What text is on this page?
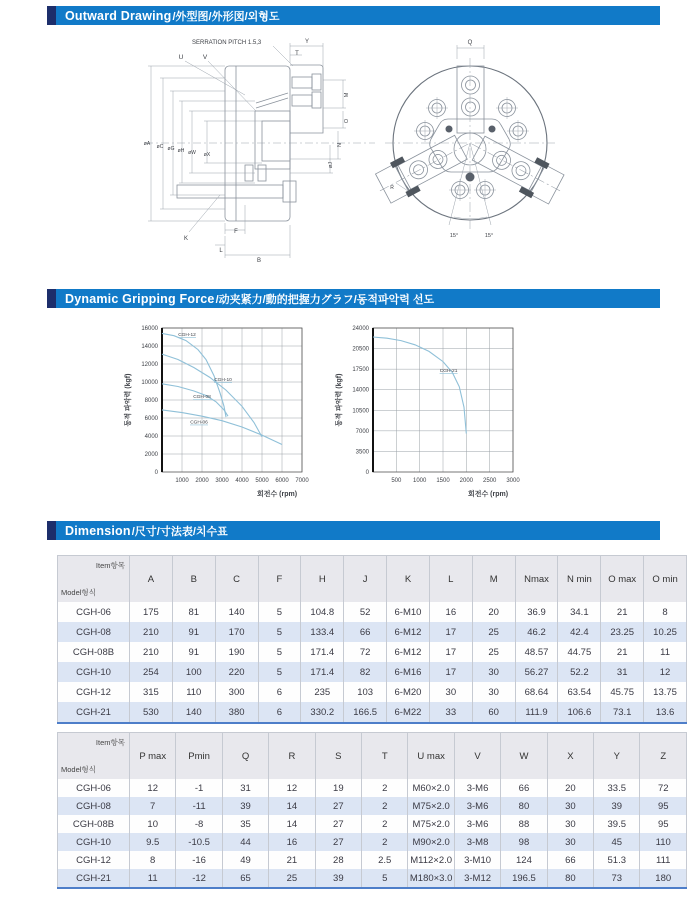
Outward Drawing /外型图/外形図/외형도
SERRATION PITCH 1.5,3
U	V
Y
T
M
O
N
øJ
øA øC øG øH øW øX
K
F
L
B
Q
R
15°	15°
Dynamic Gripping Force /动夹紧力/動的把握力グラフ/동적파악력 선도
0
2000
4000
6000
8000
10000
12000
14000
16000
1000 2000 3000 4000 5000 6000 7000
동적 파악력 (kgf)
회전수 (rpm)
CGH-12
CGH-10
CGH-08
CGH-06
0
3500
7000
10500
14000
17500
20500
24000
500 1000 1500 2000 2500 3000
동적 파악력 (kgf)
회전수 (rpm)
CGH-21
Dimension /尺寸/寸法表/치수표
Item항목
Model형식	A	B	C	F	H	J	K	L	M	Nmax	N min	O max	O min
CGH-06	175	81	140	5	104.8	52	6-M10	16	20	36.9	34.1	21	8
CGH-08	210	91	170	5	133.4	66	6-M12	17	25	46.2	42.4	23.25	10.25
CGH-08B	210	91	190	5	171.4	72	6-M12	17	25	48.57	44.75	21	11
CGH-10	254	100	220	5	171.4	82	6-M16	17	30	56.27	52.2	31	12
CGH-12	315	110	300	6	235	103	6-M20	30	30	68.64	63.54	45.75	13.75
CGH-21	530	140	380	6	330.2	166.5	6-M22	33	60	111.9	106.6	73.1	13.6
Item항목
Model형식	P max	Pmin	Q	R	S	T	U max	V	W	X	Y	Z
CGH-06	12	-1	31	12	19	2	M60×2.0	3-M6	66	20	33.5	72
CGH-08	7	-11	39	14	27	2	M75×2.0	3-M6	80	30	39	95
CGH-08B	10	-8	35	14	27	2	M75×2.0	3-M6	88	30	39.5	95
CGH-10	9.5	-10.5	44	16	27	2	M90×2.0	3-M8	98	30	45	110
CGH-12	8	-16	49	21	28	2.5	M112×2.0	3-M10	124	66	51.3	111
CGH-21	11	-12	65	25	39	5	M180×3.0	3-M12	196.5	80	73	180
